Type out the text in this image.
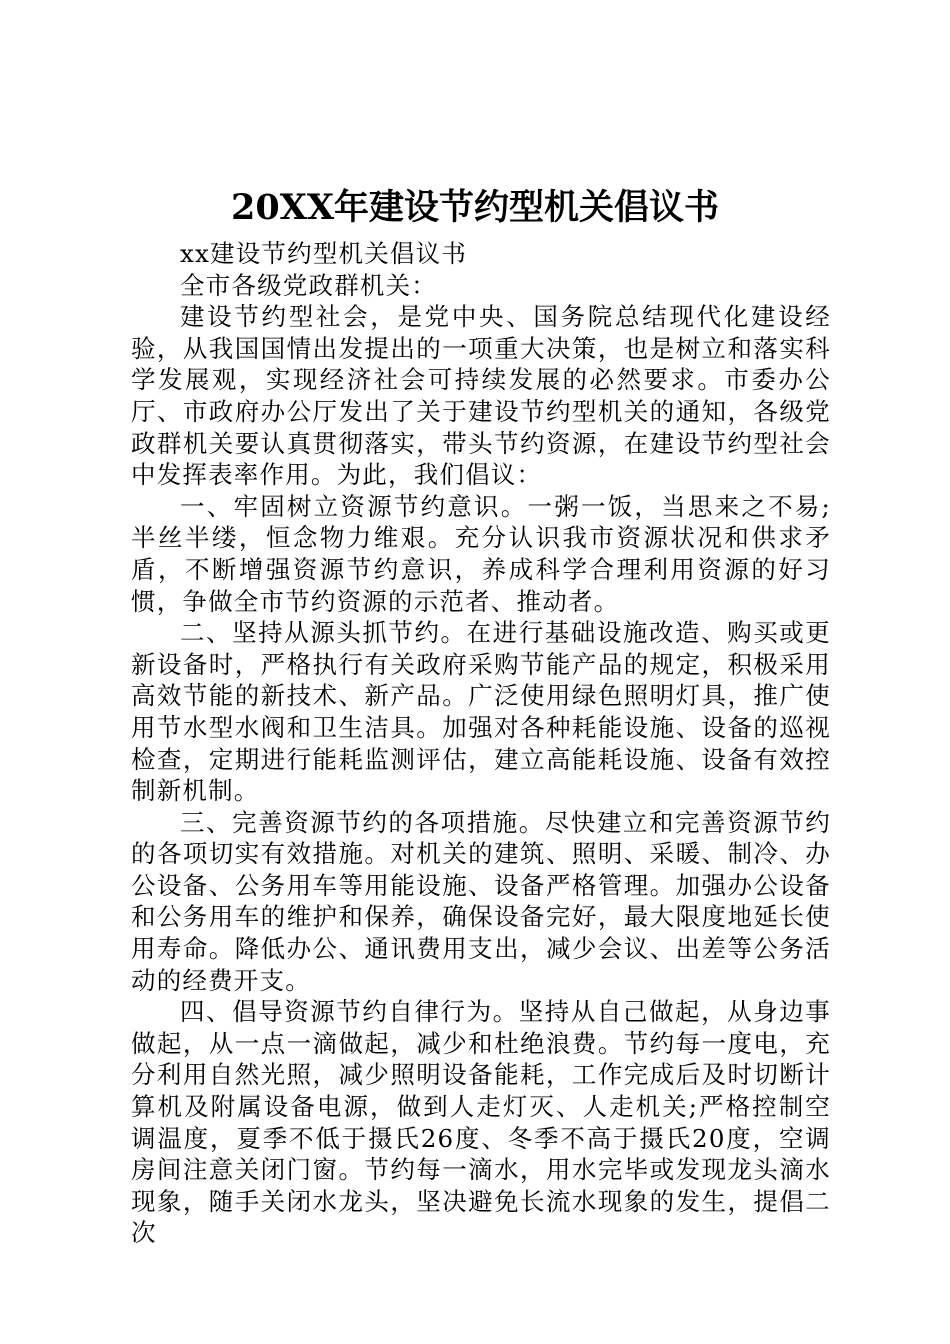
20XX年建设节约型机关倡议书

xx建设节约型机关倡议书

全市各级党政群机关：

建设节约型社会，是党中央、国务院总结现代化建设经验，从我国国情出发提出的一项重大决策，也是树立和落实科学发展观，实现经济社会可持续发展的必然要求。市委办公厅、市政府办公厅发出了关于建设节约型机关的通知，各级党政群机关要认真贯彻落实，带头节约资源，在建设节约型社会中发挥表率作用。为此，我们倡议：

一、牢固树立资源节约意识。一粥一饭，当思来之不易;半丝半缕，恒念物力维艰。充分认识我市资源状况和供求矛盾，不断增强资源节约意识，养成科学合理利用资源的好习惯，争做全市节约资源的示范者、推动者。

二、坚持从源头抓节约。在进行基础设施改造、购买或更新设备时，严格执行有关政府采购节能产品的规定，积极采用高效节能的新技术、新产品。广泛使用绿色照明灯具，推广使用节水型水阀和卫生洁具。加强对各种耗能设施、设备的巡视检查，定期进行能耗监测评估，建立高能耗设施、设备有效控制新机制。

三、完善资源节约的各项措施。尽快建立和完善资源节约的各项切实有效措施。对机关的建筑、照明、采暖、制冷、办公设备、公务用车等用能设施、设备严格管理。加强办公设备和公务用车的维护和保养，确保设备完好，最大限度地延长使用寿命。降低办公、通讯费用支出，减少会议、出差等公务活动的经费开支。

四、倡导资源节约自律行为。坚持从自己做起，从身边事做起，从一点一滴做起，减少和杜绝浪费。节约每一度电，充分利用自然光照，减少照明设备能耗，工作完成后及时切断计算机及附属设备电源，做到人走灯灭、人走机关;严格控制空调温度，夏季不低于摄氏26度、冬季不高于摄氏20度，空调房间注意关闭门窗。节约每一滴水，用水完毕或发现龙头滴水现象，随手关闭水龙头，坚决避免长流水现象的发生，提倡二次
